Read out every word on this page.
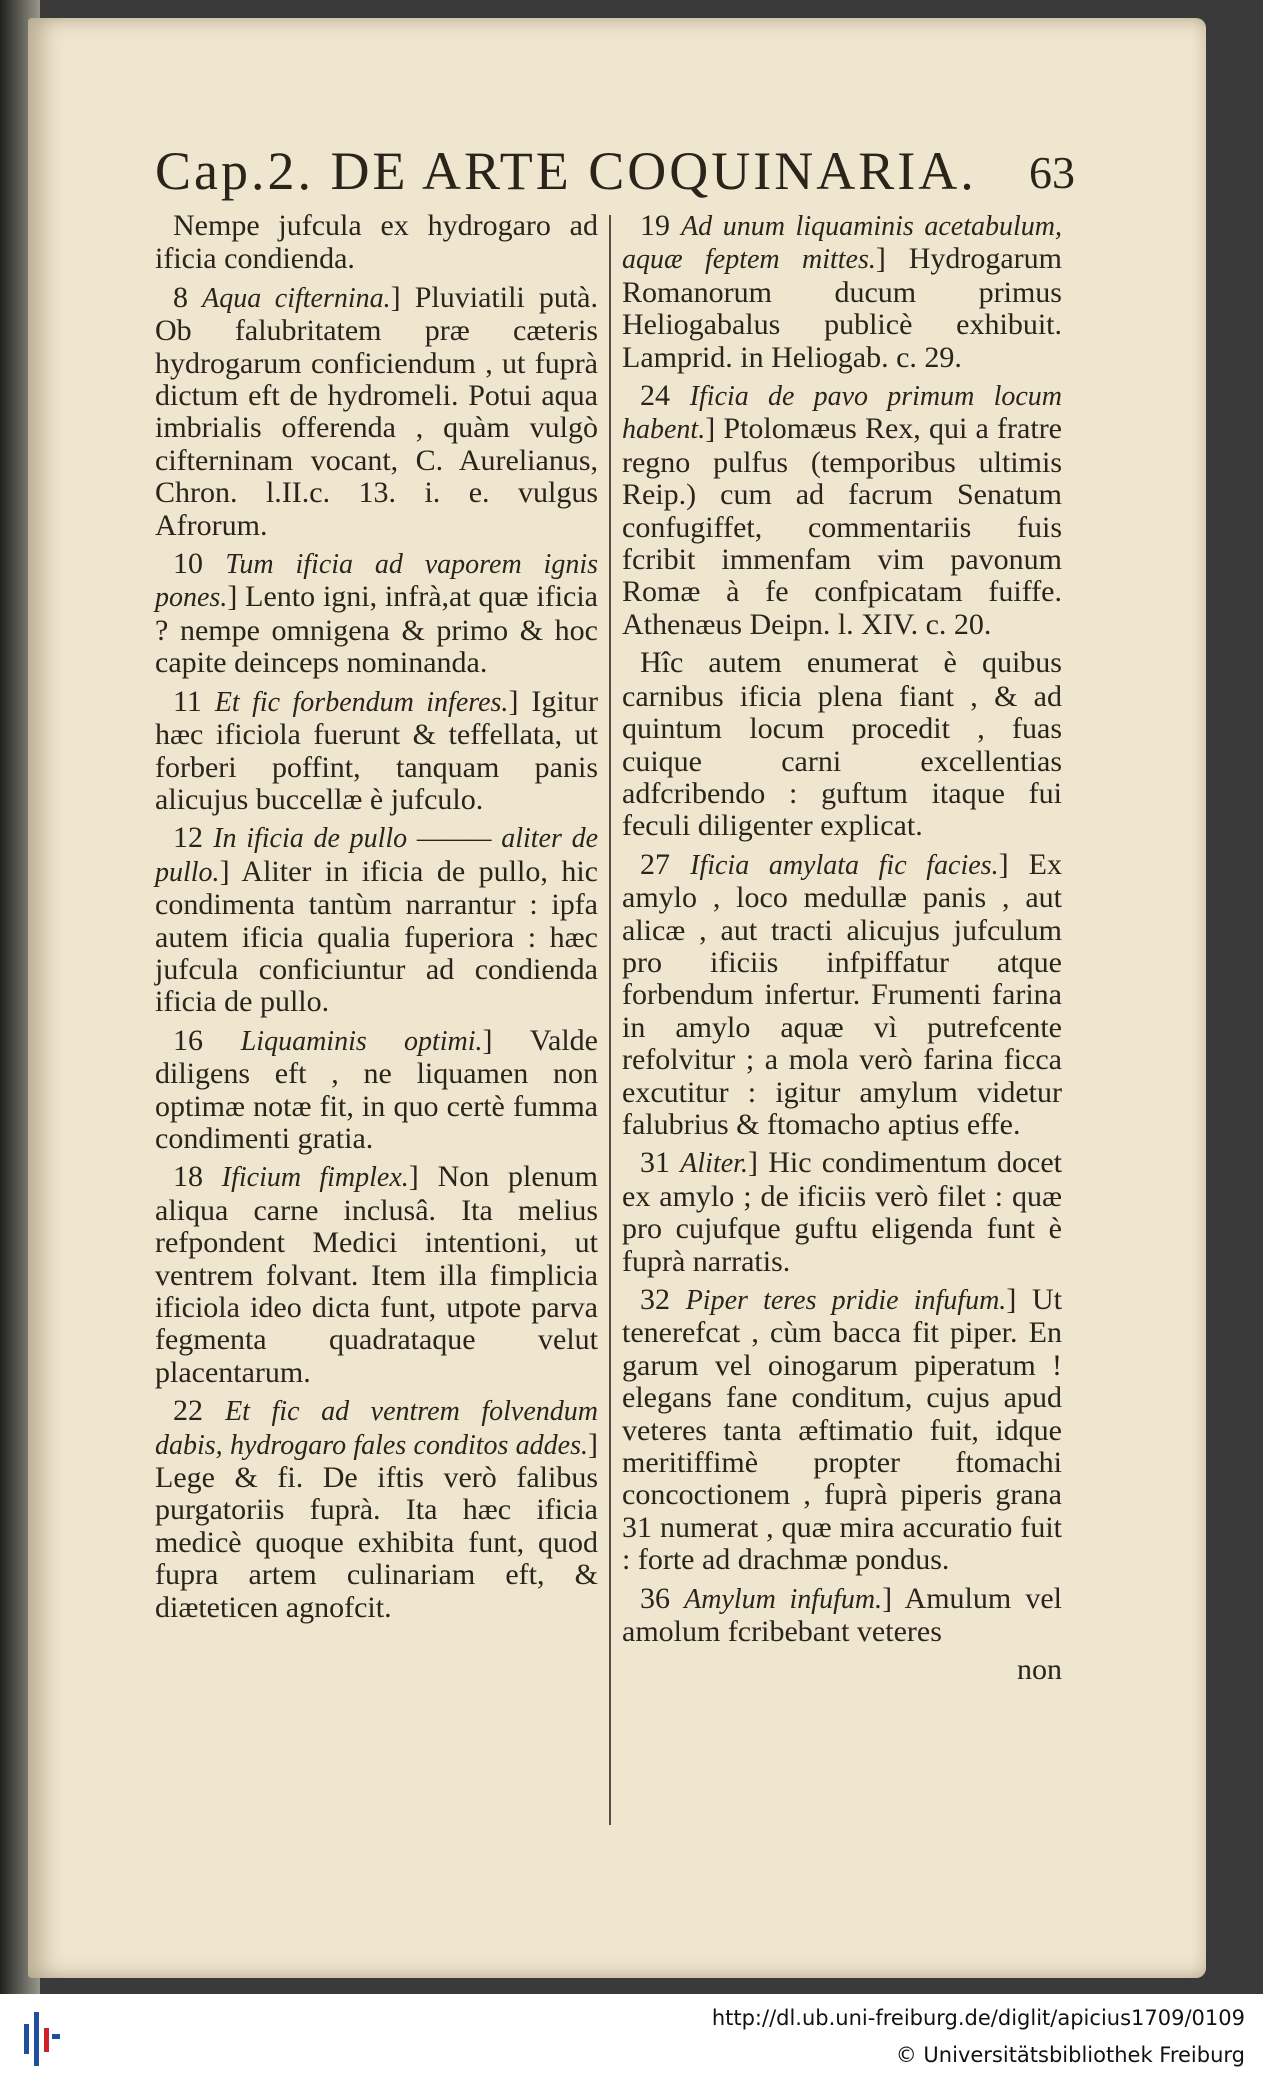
Cap.2. DE ARTE COQUINARIA. 63

Nempe jufcula ex hydrogaro ad ificia condienda.

8 Aqua cifternina.] Pluviatili putà. Ob falubritatem præ cæteris hydrogarum conficiendum , ut fuprà dictum eft de hydromeli. Potui aqua imbrialis offerenda , quàm vulgò cifterninam vocant, C. Aurelianus, Chron. l.II.c. 13. i. e. vulgus Afrorum.

10 Tum ificia ad vaporem ignis pones.] Lento igni, infrà,at quæ ificia ? nempe omnigena & primo & hoc capite deinceps nominanda.

11 Et fic forbendum inferes.] Igitur hæc ificiola fuerunt & teffellata, ut forberi poffint, tanquam panis alicujus buccellæ è jufculo.

12 In ificia de pullo ——— aliter de pullo.] Aliter in ificia de pullo, hic condimenta tantùm narrantur : ipfa autem ificia qualia fuperiora : hæc jufcula conficiuntur ad condienda ificia de pullo.

16 Liquaminis optimi.] Valde diligens eft , ne liquamen non optimæ notæ fit, in quo certè fumma condimenti gratia.

18 Ificium fimplex.] Non plenum aliqua carne inclusâ. Ita melius refpondent Medici intentioni, ut ventrem folvant. Item illa fimplicia ificiola ideo dicta funt, utpote parva fegmenta quadrataque velut placentarum.

22 Et fic ad ventrem folvendum dabis, hydrogaro fales conditos addes.] Lege & fi. De iftis verò falibus purgatoriis fuprà. Ita hæc ificia medicè quoque exhibita funt, quod fupra artem culinariam eft, & diæteticen agnofcit.

19 Ad unum liquaminis acetabulum, aquæ feptem mittes.] Hydrogarum Romanorum ducum primus Heliogabalus publicè exhibuit. Lamprid. in Heliogab. c. 29.

24 Ificia de pavo primum locum habent.] Ptolomæus Rex, qui a fratre regno pulfus (temporibus ultimis Reip.) cum ad facrum Senatum confugiffet, commentariis fuis fcribit immenfam vim pavonum Romæ à fe confpicatam fuiffe. Athenæus Deipn. l. XIV. c. 20.

Hîc autem enumerat è quibus carnibus ificia plena fiant , & ad quintum locum procedit , fuas cuique carni excellentias adfcribendo : guftum itaque fui feculi diligenter explicat.

27 Ificia amylata fic facies.] Ex amylo , loco medullæ panis , aut alicæ , aut tracti alicujus jufculum pro ificiis infpiffatur atque forbendum infertur. Frumenti farina in amylo aquæ vì putrefcente refolvitur ; a mola verò farina ficca excutitur : igitur amylum videtur falubrius & ftomacho aptius effe.

31 Aliter.] Hic condimentum docet ex amylo ; de ificiis verò filet : quæ pro cujufque guftu eligenda funt è fuprà narratis.

32 Piper teres pridie infufum.] Ut tenerefcat , cùm bacca fit piper. En garum vel oinogarum piperatum ! elegans fane conditum, cujus apud veteres tanta æftimatio fuit, idque meritiffimè propter ftomachi concoctionem , fuprà piperis grana 31 numerat , quæ mira accuratio fuit : forte ad drachmæ pondus.

36 Amylum infufum.] Amulum vel amolum fcribebant veteres

non
http://dl.ub.uni-freiburg.de/diglit/apicius1709/0109
© Universitätsbibliothek Freiburg
